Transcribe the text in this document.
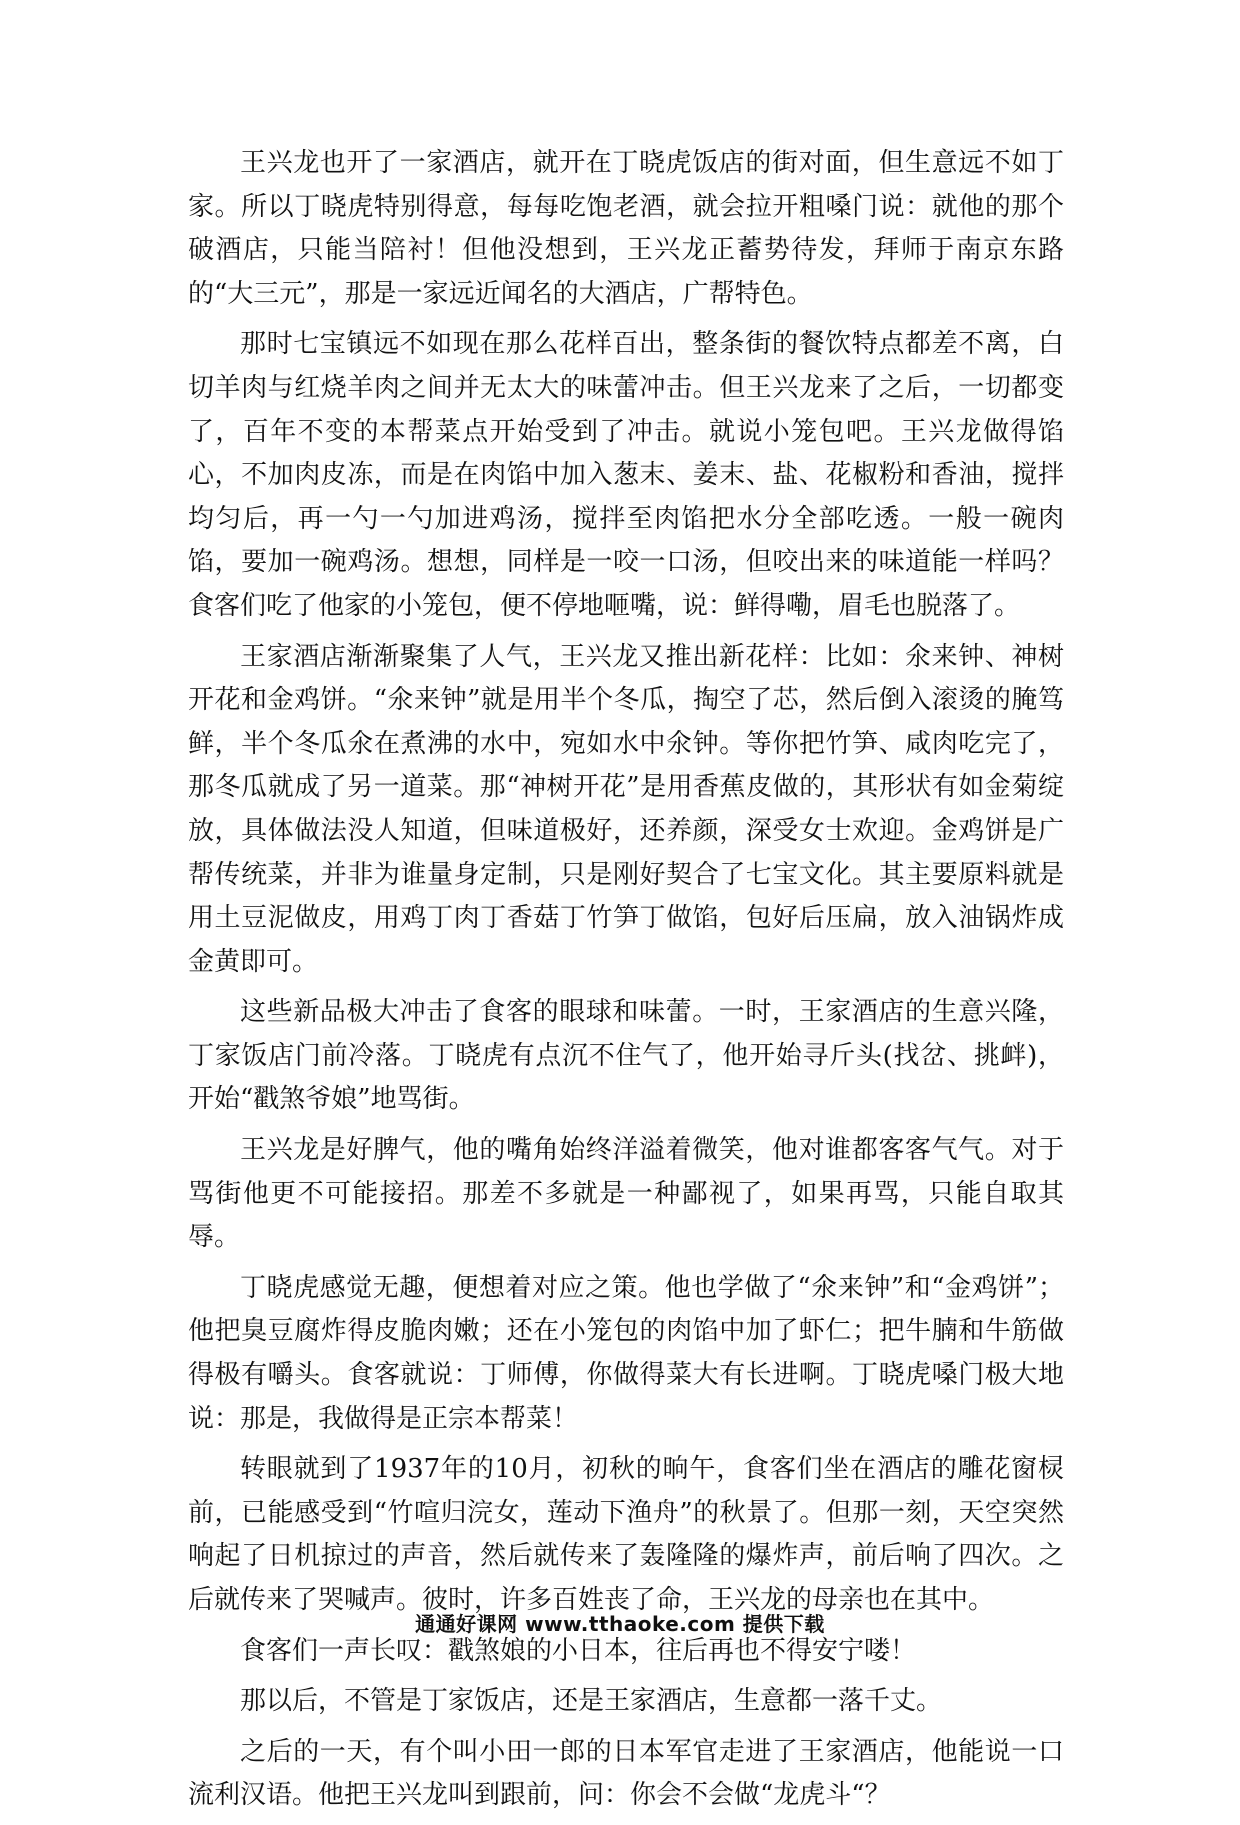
王兴龙也开了一家酒店，就开在丁晓虎饭店的街对面，但生意远不如丁家。所以丁晓虎特别得意，每每吃饱老酒，就会拉开粗嗓门说：就他的那个破酒店，只能当陪衬！但他没想到，王兴龙正蓄势待发，拜师于南京东路的“大三元”，那是一家远近闻名的大酒店，广帮特色。

那时七宝镇远不如现在那么花样百出，整条街的餐饮特点都差不离，白切羊肉与红烧羊肉之间并无太大的味蕾冲击。但王兴龙来了之后，一切都变了，百年不变的本帮菜点开始受到了冲击。就说小笼包吧。王兴龙做得馅心，不加肉皮冻，而是在肉馅中加入葱末、姜末、盐、花椒粉和香油，搅拌均匀后，再一勺一勺加进鸡汤，搅拌至肉馅把水分全部吃透。一般一碗肉馅，要加一碗鸡汤。想想，同样是一咬一口汤，但咬出来的味道能一样吗？食客们吃了他家的小笼包，便不停地咂嘴，说：鲜得嘞，眉毛也脱落了。

王家酒店渐渐聚集了人气，王兴龙又推出新花样：比如：氽来钟、神树开花和金鸡饼。“氽来钟”就是用半个冬瓜，掏空了芯，然后倒入滚烫的腌笃鲜，半个冬瓜氽在煮沸的水中，宛如水中氽钟。等你把竹笋、咸肉吃完了，那冬瓜就成了另一道菜。那“神树开花”是用香蕉皮做的，其形状有如金菊绽放，具体做法没人知道，但味道极好，还养颜，深受女士欢迎。金鸡饼是广帮传统菜，并非为谁量身定制，只是刚好契合了七宝文化。其主要原料就是用土豆泥做皮，用鸡丁肉丁香菇丁竹笋丁做馅，包好后压扁，放入油锅炸成金黄即可。

这些新品极大冲击了食客的眼球和味蕾。一时，王家酒店的生意兴隆，丁家饭店门前冷落。丁晓虎有点沉不住气了，他开始寻斤头(找岔、挑衅)，开始“戳煞爷娘”地骂街。

王兴龙是好脾气，他的嘴角始终洋溢着微笑，他对谁都客客气气。对于骂街他更不可能接招。那差不多就是一种鄙视了，如果再骂，只能自取其辱。

丁晓虎感觉无趣，便想着对应之策。他也学做了“氽来钟”和“金鸡饼”；他把臭豆腐炸得皮脆肉嫩；还在小笼包的肉馅中加了虾仁；把牛腩和牛筋做得极有嚼头。食客就说：丁师傅，你做得菜大有长进啊。丁晓虎嗓门极大地说：那是，我做得是正宗本帮菜！

转眼就到了1937年的10月，初秋的晌午，食客们坐在酒店的雕花窗棂前，已能感受到“竹喧归浣女，莲动下渔舟”的秋景了。但那一刻，天空突然响起了日机掠过的声音，然后就传来了轰隆隆的爆炸声，前后响了四次。之后就传来了哭喊声。彼时，许多百姓丧了命，王兴龙的母亲也在其中。

食客们一声长叹：戳煞娘的小日本，往后再也不得安宁喽！

那以后，不管是丁家饭店，还是王家酒店，生意都一落千丈。

之后的一天，有个叫小田一郎的日本军官走进了王家酒店，他能说一口流利汉语。他把王兴龙叫到跟前，问：你会不会做“龙虎斗“？

通通好课网 www.tthaoke.com 提供下载
